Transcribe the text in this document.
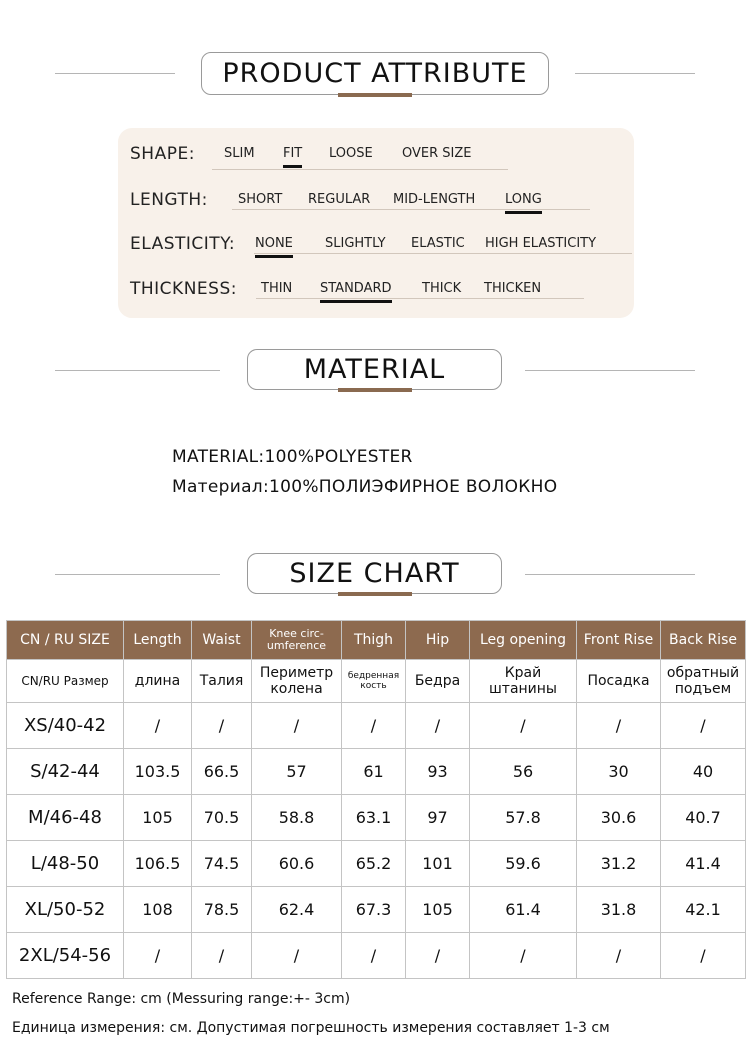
PRODUCT ATTRIBUTE
SHAPE: SLIM FIT LOOSE OVER SIZE
LENGTH: SHORT REGULAR MID-LENGTH LONG
ELASTICITY: NONE SLIGHTLY ELASTIC HIGH ELASTICITY
THICKNESS: THIN STANDARD THICK THICKEN
MATERIAL
MATERIAL:100%POLYESTER
Материал:100%ПОЛИЭФИРНОЕ ВОЛОКНО
SIZE CHART
CN / RU SIZE	Length	Waist	Knee circ-umference	Thigh	Hip	Leg opening	Front Rise	Back Rise
CN/RU Размер	длина	Талия	Периметр колена	бедренная кость	Бедра	Край штанины	Посадка	обратный подъем
XS/40-42	/	/	/	/	/	/	/	/
S/42-44	103.5	66.5	57	61	93	56	30	40
M/46-48	105	70.5	58.8	63.1	97	57.8	30.6	40.7
L/48-50	106.5	74.5	60.6	65.2	101	59.6	31.2	41.4
XL/50-52	108	78.5	62.4	67.3	105	61.4	31.8	42.1
2XL/54-56	/	/	/	/	/	/	/	/
Reference Range: cm (Messuring range:+- 3cm)
Единица измерения: см. Допустимая погрешность измерения составляет 1-3 см
